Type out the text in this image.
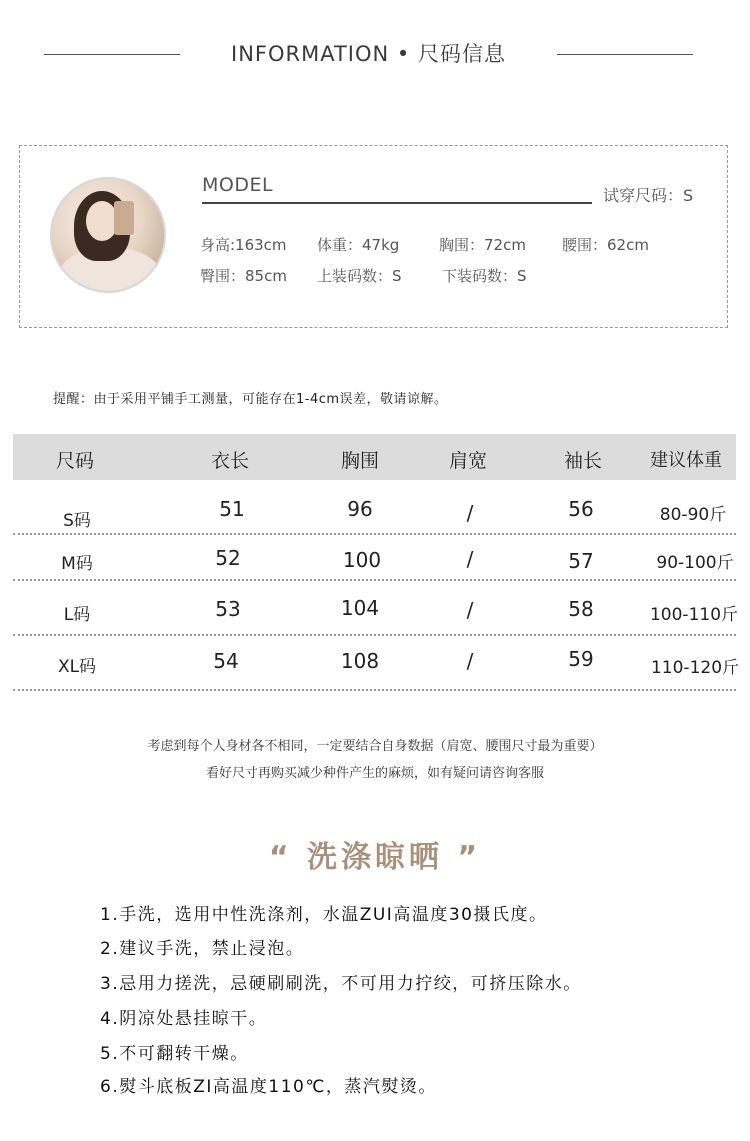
INFORMATION • 尺码信息
MODEL	试穿尺码：S
身高:163cm 体重：47kg	胸围：72cm 腰围：62cm
臀围：85cm 上装码数：S	下装码数：S
提醒：由于采用平铺手工测量，可能存在1-4cm误差，敬请谅解。
尺码	衣长	胸围	肩宽	袖长	建议体重
S码	51	96	/	56	80-90斤
M码	52	100	/	57	90-100斤
L码	53	104	/	58	100-110斤
XL码	54	108	/	59	110-120斤
考虑到每个人身材各不相同，一定要结合自身数据（肩宽、腰围尺寸最为重要）
看好尺寸再购买减少种件产生的麻烦，如有疑问请咨询客服
“ 洗涤晾晒 ”
1.手洗，选用中性洗涤剂，水温ZUI高温度30摄氏度。
2.建议手洗，禁止浸泡。
3.忌用力搓洗，忌硬刷刷洗，不可用力拧绞，可挤压除水。
4.阴凉处悬挂晾干。
5.不可翻转干燥。
6.熨斗底板ZI高温度110℃，蒸汽熨烫。
